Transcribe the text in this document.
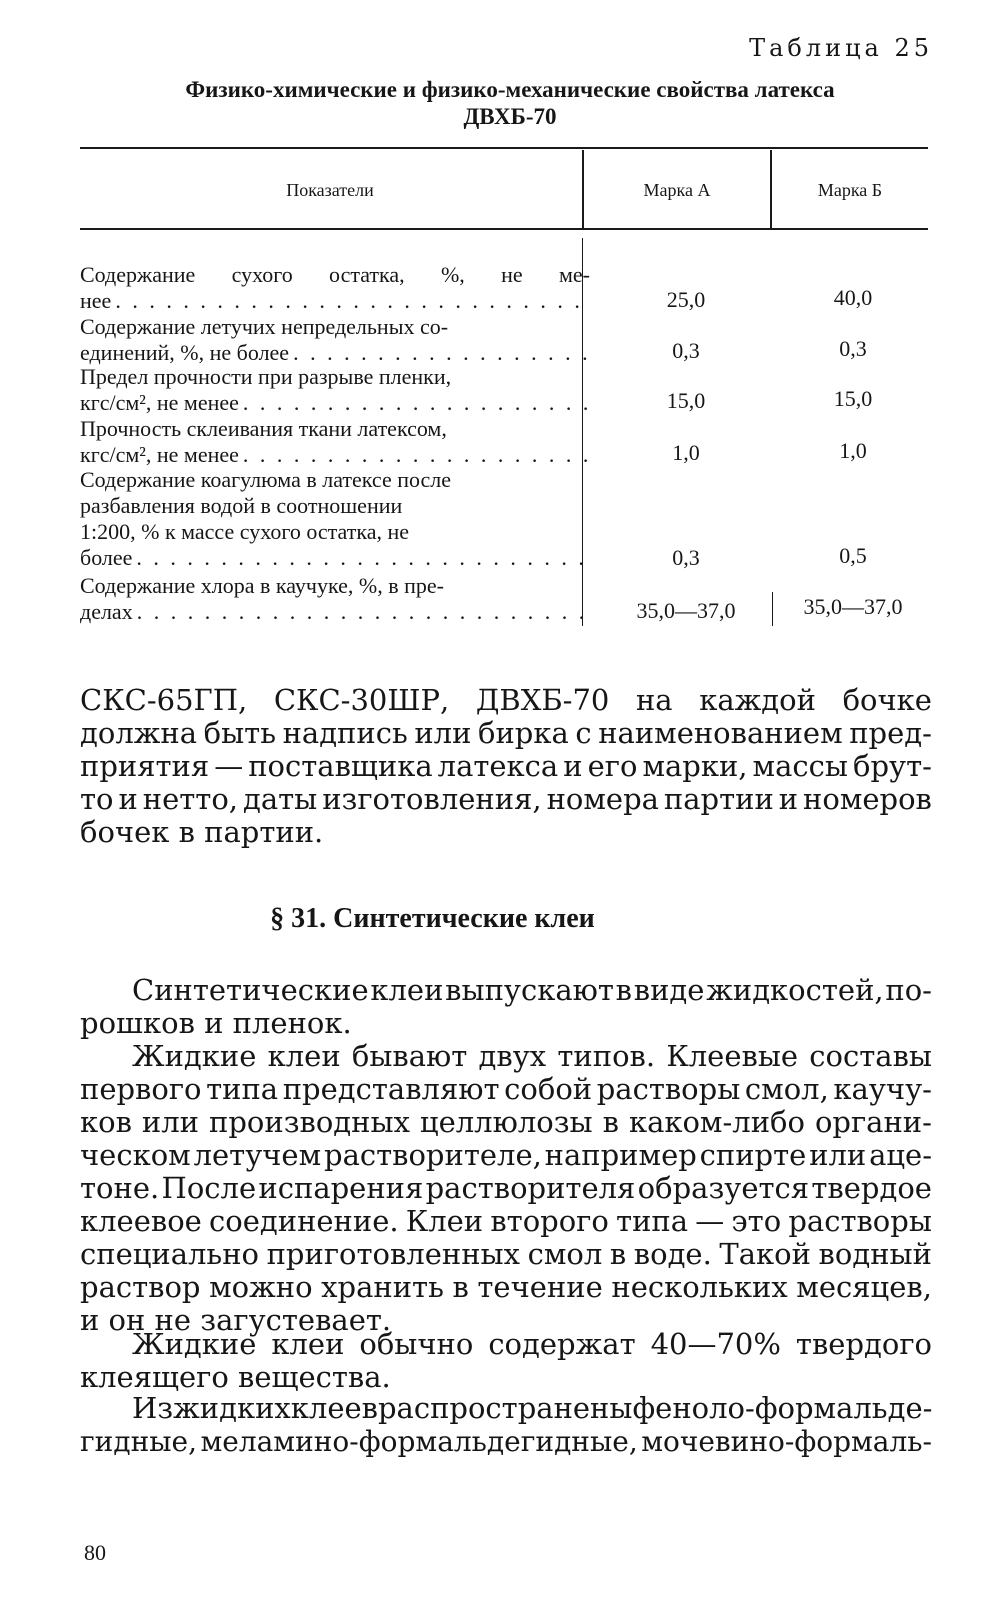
Таблица 25
Физико-химические и физико-механические свойства латекса
ДВХБ-70
Показатели	Марка А	Марка Б
Содержание сухого остатка, %, не ме-
нее . . .	25,0	40,0
Содержание летучих непредельных со-
единений, %, не более . . .	0,3	0,3
Предел прочности при разрыве пленки,
кгс/см², не менее . . .	15,0	15,0
Прочность склеивания ткани латексом,
кгс/см², не менее . . .	1,0	1,0
Содержание коагулюма в латексе после
разбавления водой в соотношении
1:200, % к массе сухого остатка, не
более . . .	0,3	0,5
Содержание хлора в каучуке, %, в пре-
делах . . .	35,0—37,0	35,0—37,0
СКС-65ГП, СКС-30ШР, ДВХБ-70 на каждой бочке
должна быть надпись или бирка с наименованием пред-
приятия — поставщика латекса и его марки, массы брут-
то и нетто, даты изготовления, номера партии и номеров
бочек в партии.
§ 31. Синтетические клеи
Синтетические клеи выпускают в виде жидкостей, по-
рошков и пленок.
Жидкие клеи бывают двух типов. Клеевые составы
первого типа представляют собой растворы смол, каучу-
ков или производных целлюлозы в каком-либо органи-
ческом летучем растворителе, например спирте или аце-
тоне. После испарения растворителя образуется твердое
клеевое соединение. Клеи второго типа — это растворы
специально приготовленных смол в воде. Такой водный
раствор можно хранить в течение нескольких месяцев,
и он не загустевает.
Жидкие клеи обычно содержат 40—70% твердого
клеящего вещества.
Из жидких клеев распространены феноло-формальде-
гидные, меламино-формальдегидные, мочевино-формаль-
80
